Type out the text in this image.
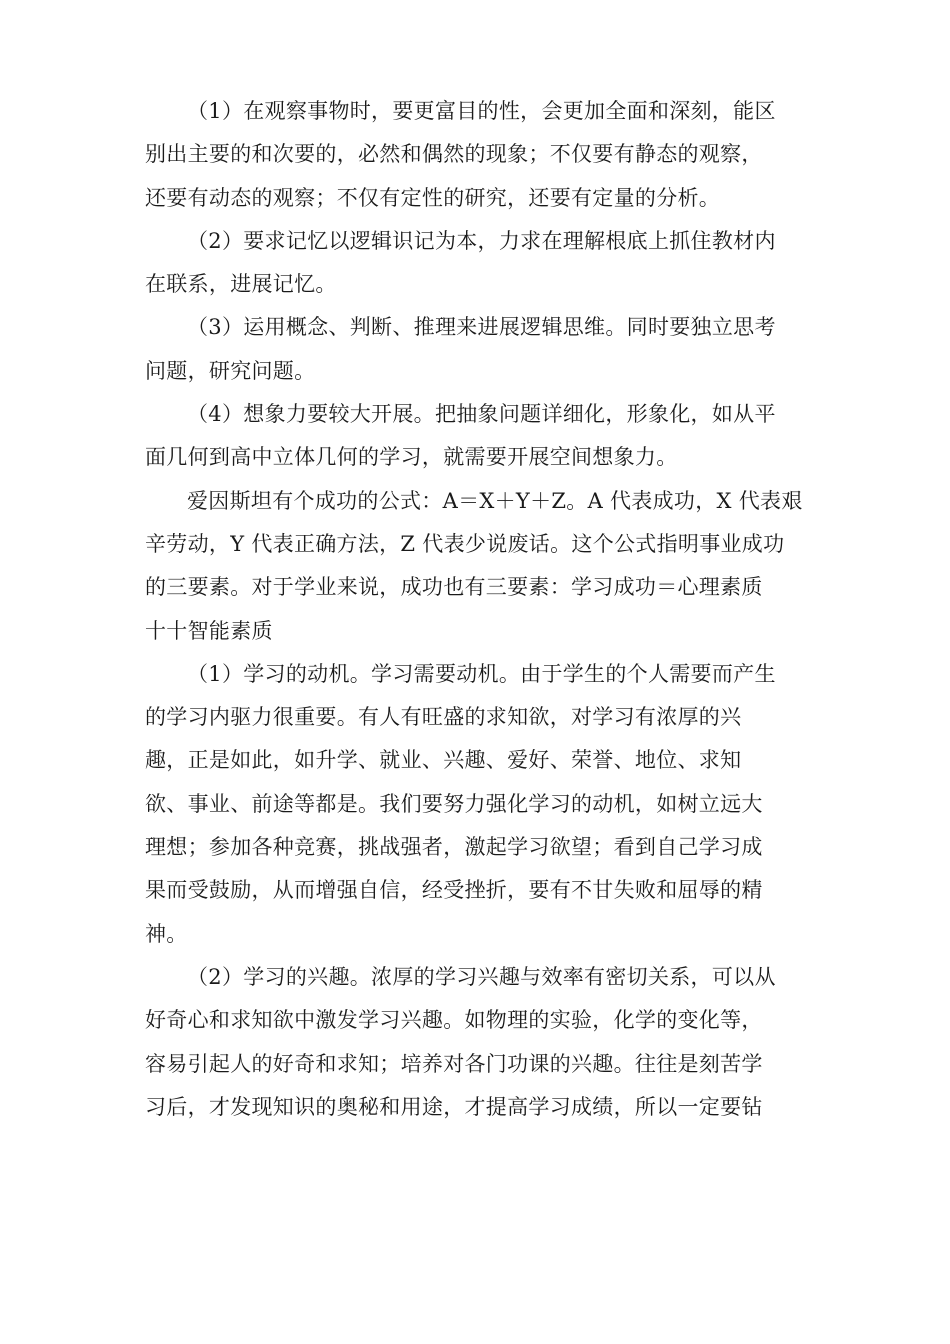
（1）在观察事物时，要更富目的性，会更加全面和深刻，能区
别出主要的和次要的，必然和偶然的现象；不仅要有静态的观察，
还要有动态的观察；不仅有定性的研究，还要有定量的分析。

（2）要求记忆以逻辑识记为本，力求在理解根底上抓住教材内
在联系，进展记忆。

（3）运用概念、判断、推理来进展逻辑思维。同时要独立思考
问题，研究问题。

（4）想象力要较大开展。把抽象问题详细化，形象化，如从平
面几何到高中立体几何的学习，就需要开展空间想象力。

爱因斯坦有个成功的公式：A＝X＋Y＋Z。A 代表成功，X 代表艰
辛劳动，Y 代表正确方法，Z 代表少说废话。这个公式指明事业成功
的三要素。对于学业来说，成功也有三要素：学习成功＝心理素质
十十智能素质

（1）学习的动机。学习需要动机。由于学生的个人需要而产生
的学习内驱力很重要。有人有旺盛的求知欲，对学习有浓厚的兴
趣，正是如此，如升学、就业、兴趣、爱好、荣誉、地位、求知
欲、事业、前途等都是。我们要努力强化学习的动机，如树立远大
理想；参加各种竞赛，挑战强者，激起学习欲望；看到自己学习成
果而受鼓励，从而增强自信，经受挫折，要有不甘失败和屈辱的精
神。

（2）学习的兴趣。浓厚的学习兴趣与效率有密切关系，可以从
好奇心和求知欲中激发学习兴趣。如物理的实验，化学的变化等，
容易引起人的好奇和求知；培养对各门功课的兴趣。往往是刻苦学
习后，才发现知识的奥秘和用途，才提高学习成绩，所以一定要钻
